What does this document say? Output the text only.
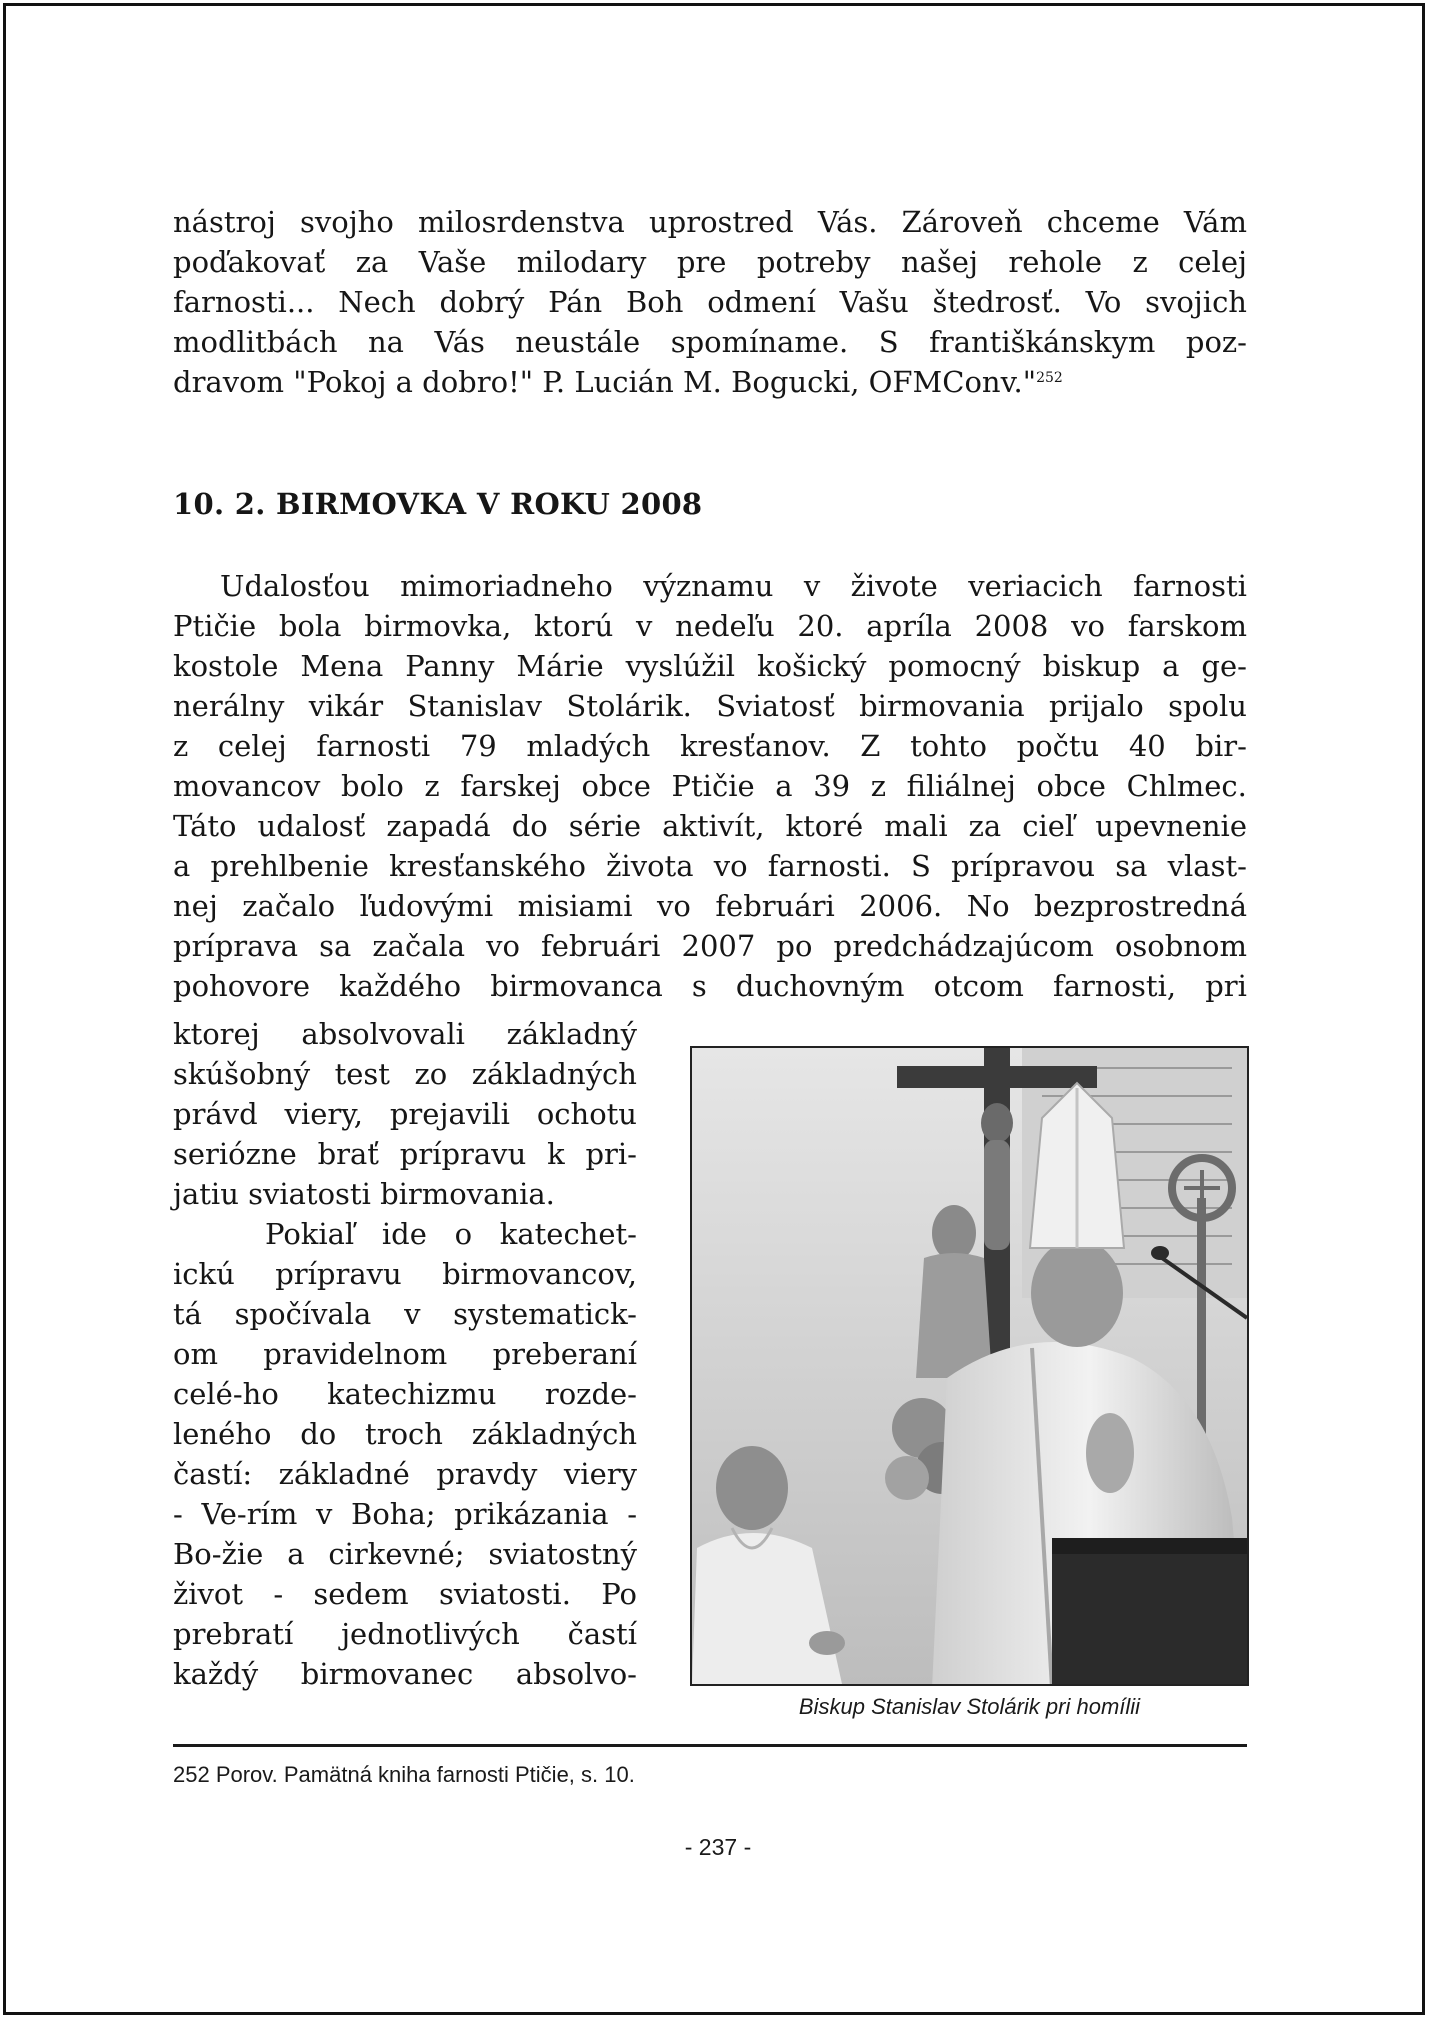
nástroj svojho milosrdenstva uprostred Vás. Zároveň chceme Vám
poďakovať za Vaše milodary pre potreby našej rehole z celej
farnosti... Nech dobrý Pán Boh odmení Vašu štedrosť. Vo svojich
modlitbách na Vás neustále spomíname. S františkánskym poz-
dravom "Pokoj a dobro!" P. Lucián M. Bogucki, OFMConv."$^{252}$
10. 2. BIRMOVKA V ROKU 2008
Udalosťou mimoriadneho významu v živote veriacich farnosti
Ptičie bola birmovka, ktorú v nedeľu 20. apríla 2008 vo farskom
kostole Mena Panny Márie vyslúžil košický pomocný biskup a ge-
nerálny vikár Stanislav Stolárik. Sviatosť birmovania prijalo spolu
z celej farnosti 79 mladých kresťanov. Z tohto počtu 40 bir-
movancov bolo z farskej obce Ptičie a 39 z filiálnej obce Chlmec.
Táto udalosť zapadá do série aktivít, ktoré mali za cieľ upevnenie
a prehlbenie kresťanského života vo farnosti. S prípravou sa vlast-
nej začalo ľudovými misiami vo februári 2006. No bezprostredná
príprava sa začala vo februári 2007 po predchádzajúcom osobnom
pohovore každého birmovanca s duchovným otcom farnosti, pri
ktorej absolvovali základný
skúšobný test zo základných
právd viery, prejavili ochotu
seriózne brať prípravu k pri-
jatiu sviatosti birmovania.
Pokiaľ ide o katechet-
ickú prípravu birmovancov,
tá spočívala v systematick-
om pravidelnom preberaní
celé-ho katechizmu rozde-
leného do troch základných
častí: základné pravdy viery
- Ve-rím v Boha; prikázania -
Bo-žie a cirkevné; sviatostný
život - sedem sviatosti. Po
prebratí jednotlivých častí
každý birmovanec absolvo-
Biskup Stanislav Stolárik pri homílii
252 Porov. Pamätná kniha farnosti Ptičie, s. 10.
- 237 -
